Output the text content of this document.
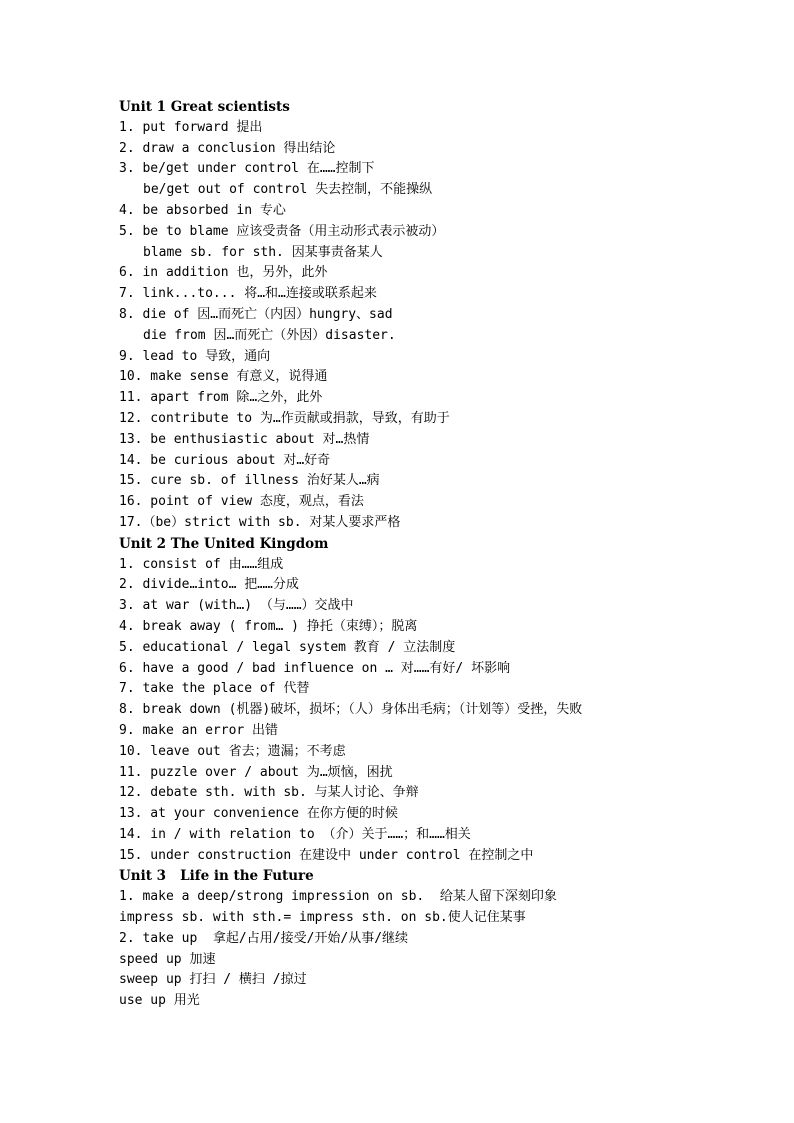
Unit 1 Great scientists
1. put forward 提出
2. draw a conclusion 得出结论
3. be/get under control 在……控制下
be/get out of control 失去控制，不能操纵
4. be absorbed in 专心
5. be to blame 应该受责备（用主动形式表示被动）
blame sb. for sth. 因某事责备某人
6. in addition 也，另外，此外
7. link...to... 将…和…连接或联系起来
8. die of 因…而死亡（内因）hungry、sad
die from 因…而死亡（外因）disaster.
9. lead to 导致，通向
10. make sense 有意义，说得通
11. apart from 除…之外，此外
12. contribute to 为…作贡献或捐款，导致，有助于
13. be enthusiastic about 对…热情
14. be curious about 对…好奇
15. cure sb. of illness 治好某人…病
16. point of view 态度，观点，看法
17.（be）strict with sb. 对某人要求严格
Unit 2 The United Kingdom
1. consist of 由……组成
2. divide…into… 把……分成
3. at war (with…) （与……）交战中
4. break away ( from… ) 挣托（束缚）；脱离
5. educational / legal system 教育 / 立法制度
6. have a good / bad influence on … 对……有好/ 坏影响
7. take the place of 代替
8. break down (机器)破坏，损坏；（人）身体出毛病；（计划等）受挫，失败
9. make an error 出错
10. leave out 省去；遗漏；不考虑
11. puzzle over / about 为…烦恼，困扰
12. debate sth. with sb. 与某人讨论、争辩
13. at your convenience 在你方便的时候
14. in / with relation to （介）关于……；和……相关
15. under construction 在建设中 under control 在控制之中
Unit 3   Life in the Future
1. make a deep/strong impression on sb.  给某人留下深刻印象
impress sb. with sth.= impress sth. on sb.使人记住某事
2. take up  拿起/占用/接受/开始/从事/继续
speed up 加速
sweep up 打扫 / 横扫 /掠过
use up 用光
